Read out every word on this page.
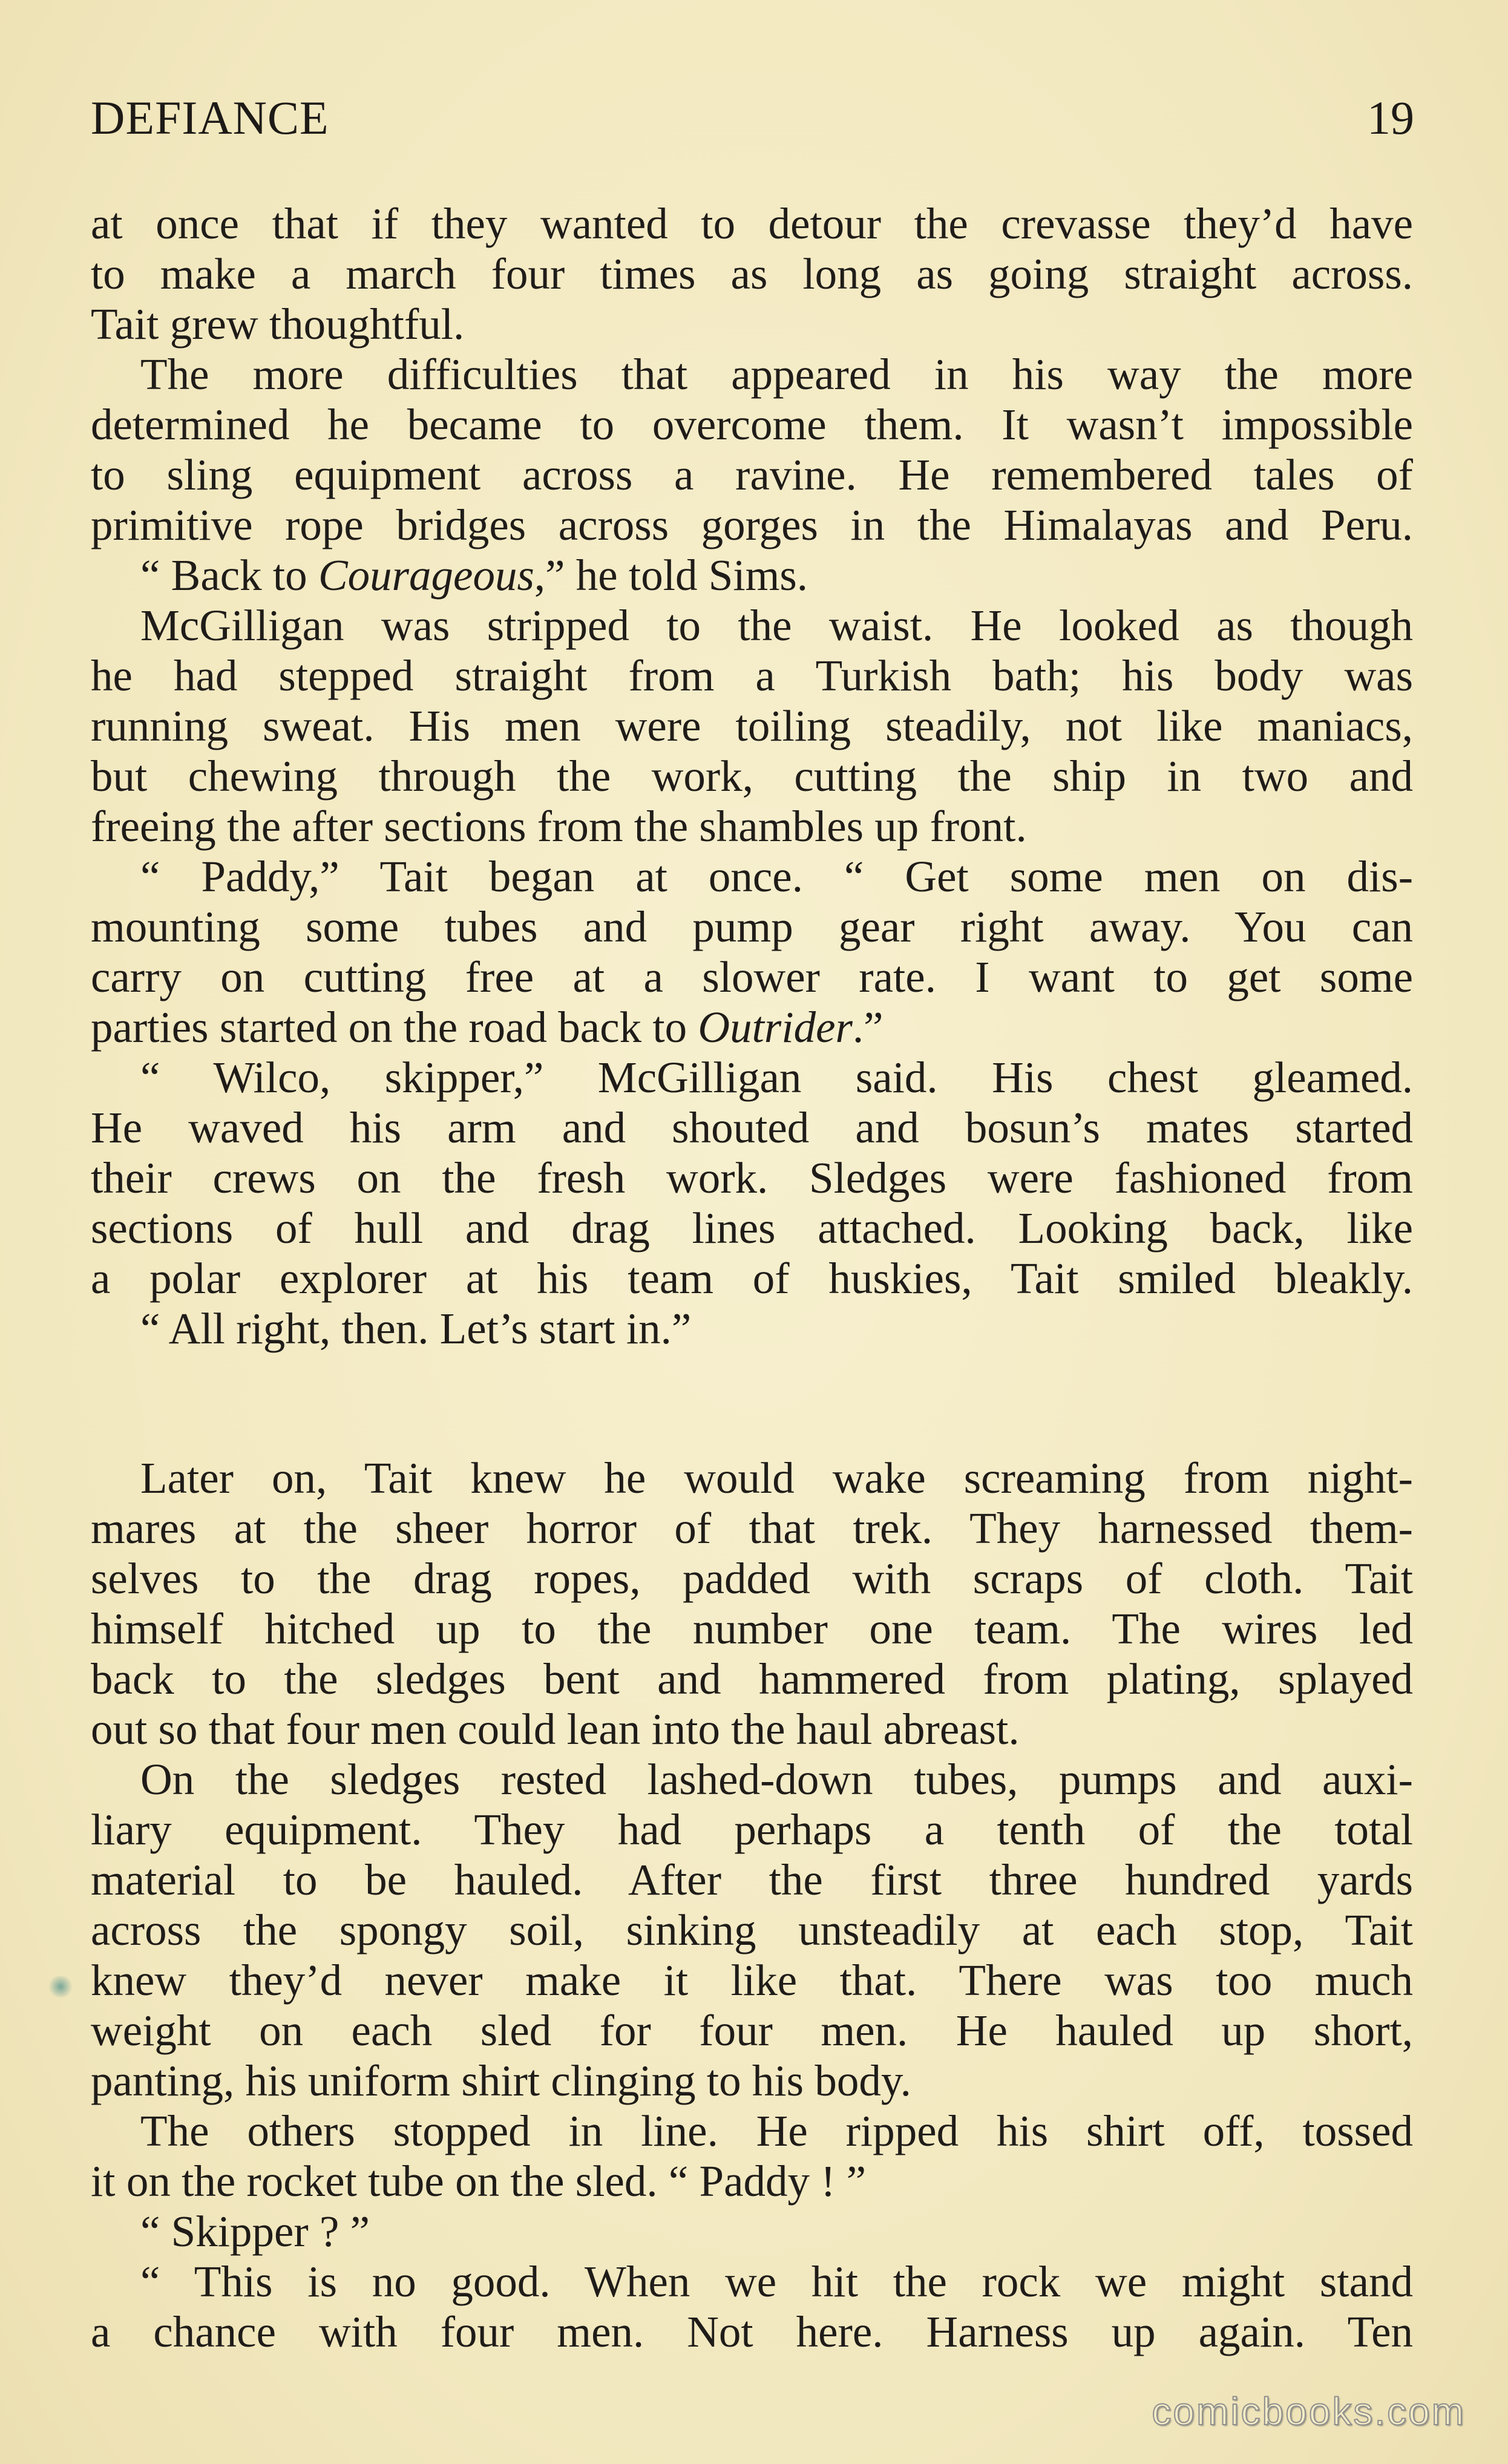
DEFIANCE	19
at once that if they wanted to detour the crevasse they’d have
to make a march four times as long as going straight across.
Tait grew thoughtful.
The more difficulties that appeared in his way the more
determined he became to overcome them. It wasn’t impossible
to sling equipment across a ravine. He remembered tales of
primitive rope bridges across gorges in the Himalayas and Peru.
“ Back to Courageous,” he told Sims.
McGilligan was stripped to the waist. He looked as though
he had stepped straight from a Turkish bath; his body was
running sweat. His men were toiling steadily, not like maniacs,
but chewing through the work, cutting the ship in two and
freeing the after sections from the shambles up front.
“ Paddy,” Tait began at once. “ Get some men on dis-
mounting some tubes and pump gear right away. You can
carry on cutting free at a slower rate. I want to get some
parties started on the road back to Outrider.”
“ Wilco, skipper,” McGilligan said. His chest gleamed.
He waved his arm and shouted and bosun’s mates started
their crews on the fresh work. Sledges were fashioned from
sections of hull and drag lines attached. Looking back, like
a polar explorer at his team of huskies, Tait smiled bleakly.
“ All right, then. Let’s start in.”
Later on, Tait knew he would wake screaming from night-
mares at the sheer horror of that trek. They harnessed them-
selves to the drag ropes, padded with scraps of cloth. Tait
himself hitched up to the number one team. The wires led
back to the sledges bent and hammered from plating, splayed
out so that four men could lean into the haul abreast.
On the sledges rested lashed-down tubes, pumps and auxi-
liary equipment. They had perhaps a tenth of the total
material to be hauled. After the first three hundred yards
across the spongy soil, sinking unsteadily at each stop, Tait
knew they’d never make it like that. There was too much
weight on each sled for four men. He hauled up short,
panting, his uniform shirt clinging to his body.
The others stopped in line. He ripped his shirt off, tossed
it on the rocket tube on the sled. “ Paddy ! ”
“ Skipper ? ”
“ This is no good. When we hit the rock we might stand
a chance with four men. Not here. Harness up again. Ten
comicbooks.com
